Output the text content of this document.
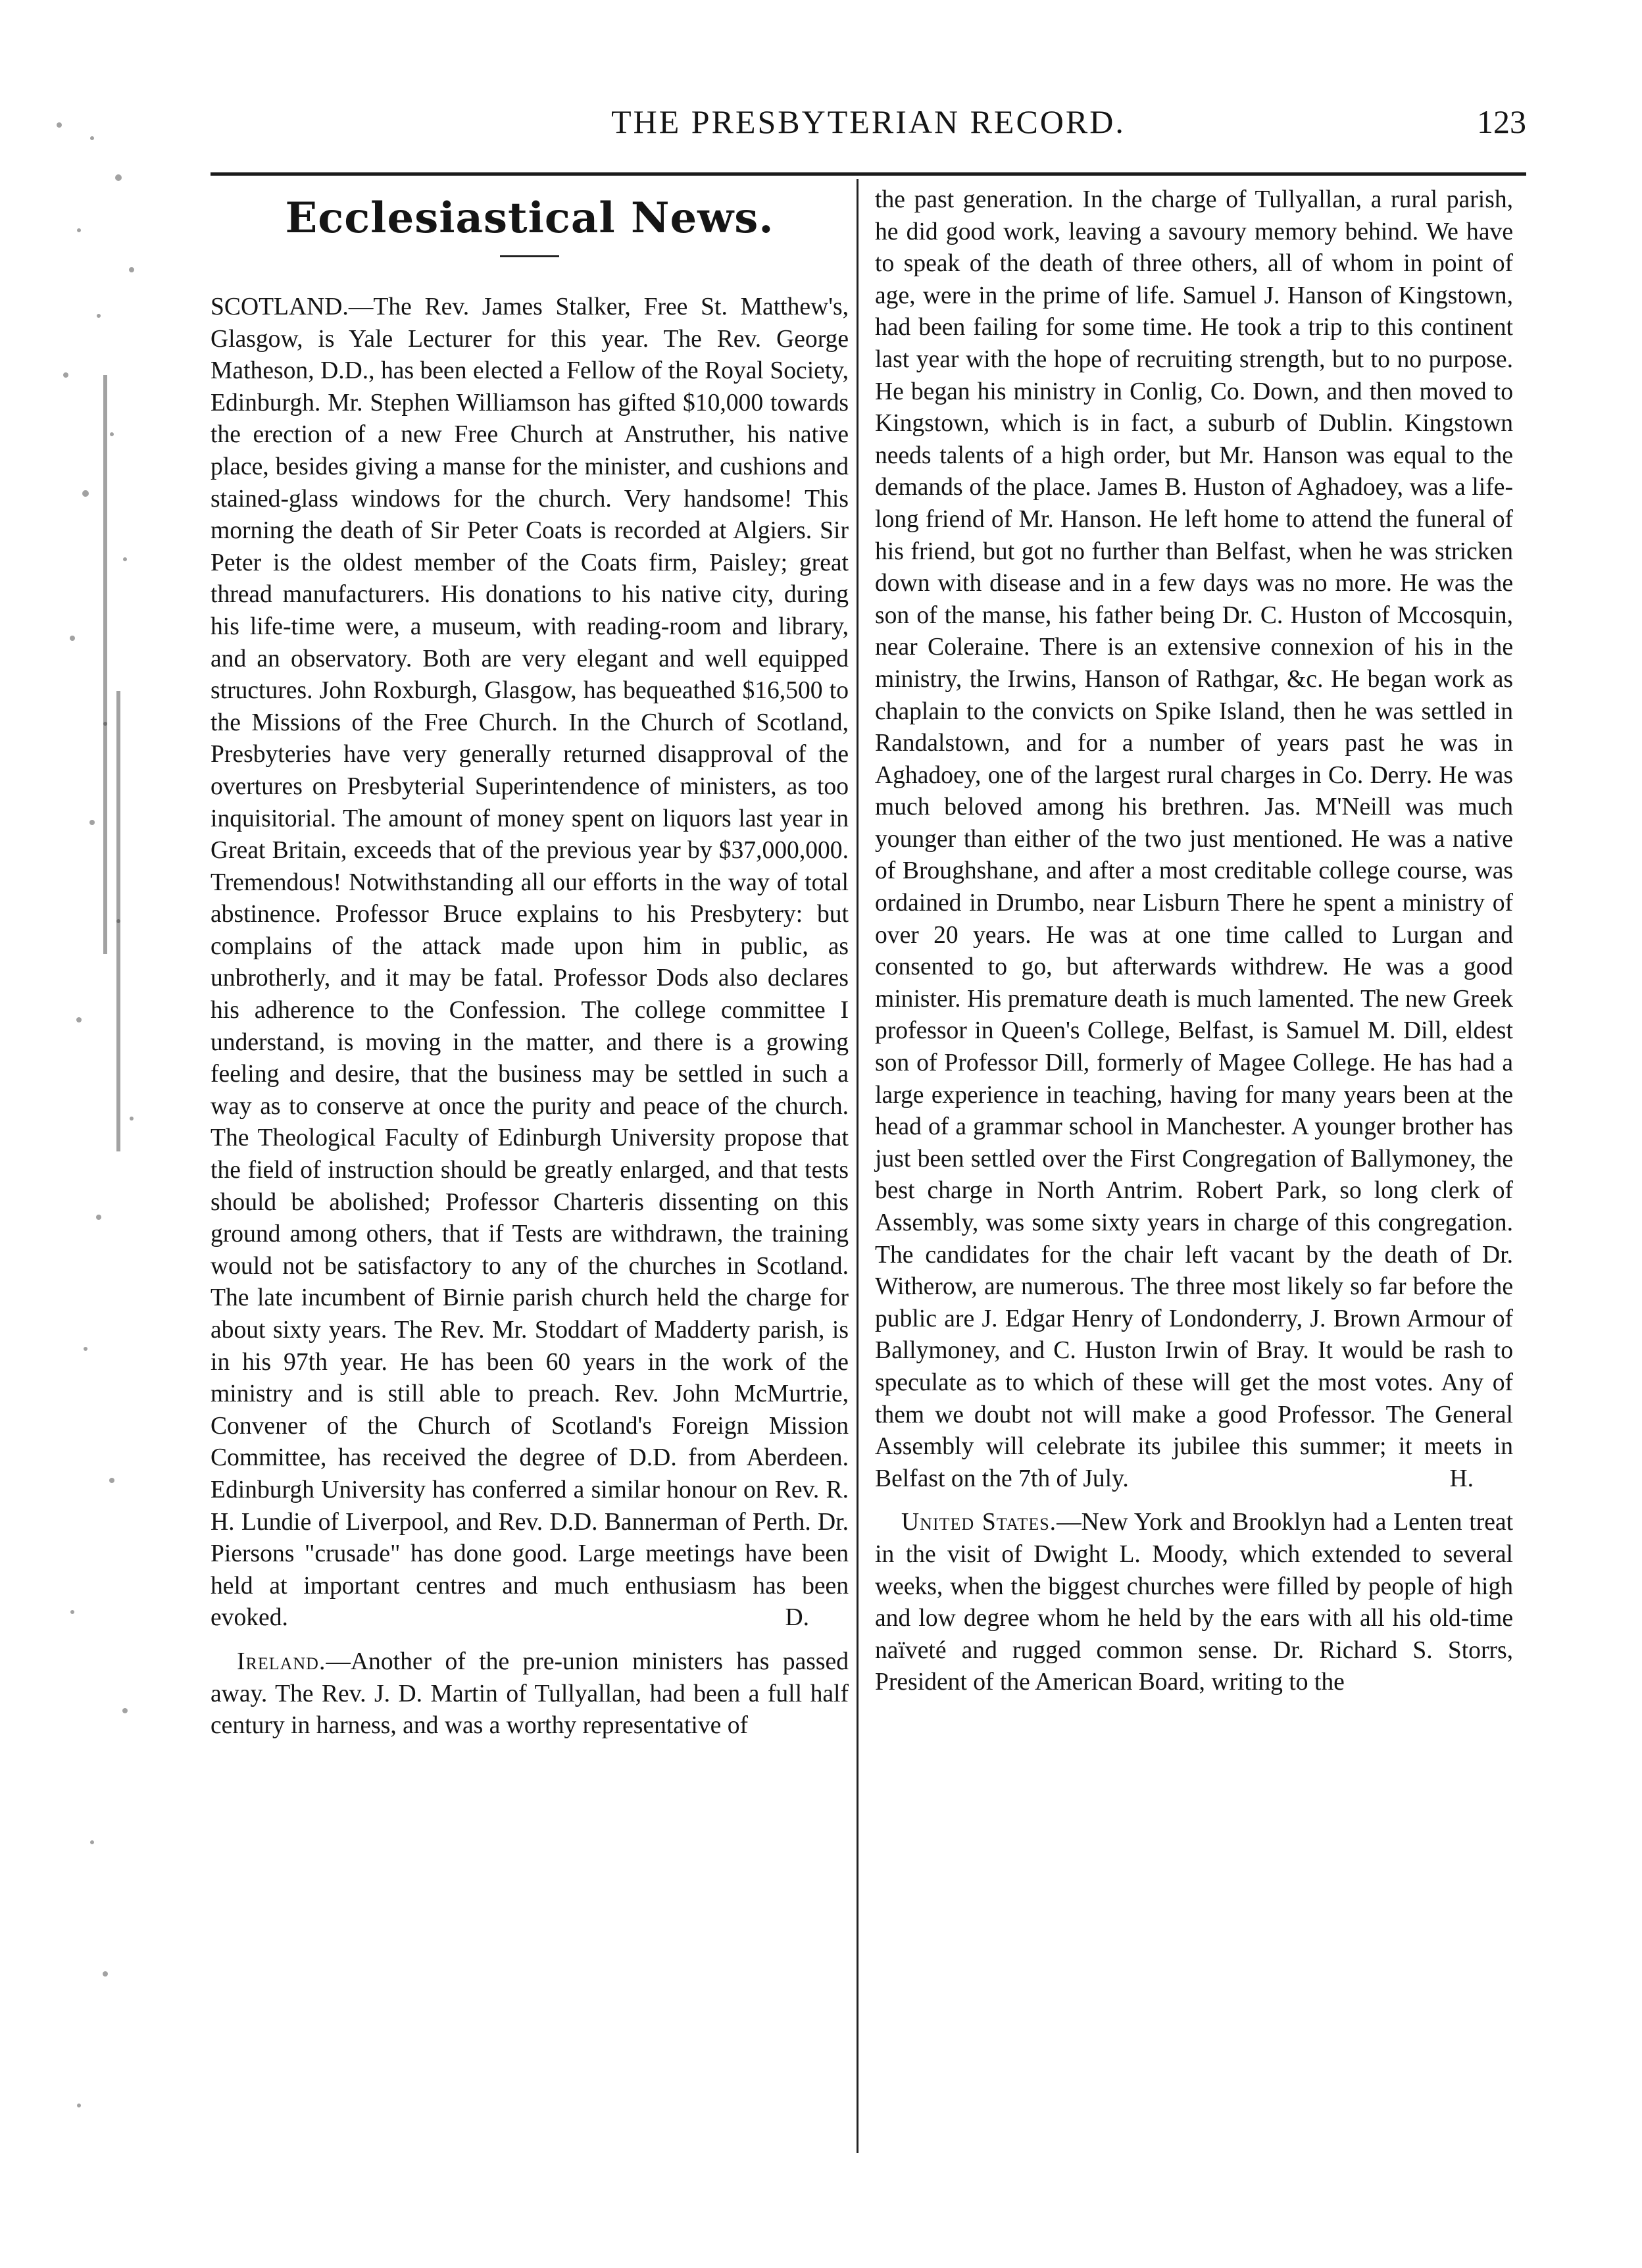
THE PRESBYTERIAN RECORD.	123
Ecclesiastical News.
SCOTLAND.—The Rev. James Stalker, Free St. Matthew's, Glasgow, is Yale Lecturer for this year. The Rev. George Matheson, D.D., has been elected a Fellow of the Royal Society, Edinburgh. Mr. Stephen Williamson has gifted $10,000 towards the erection of a new Free Church at Anstruther, his native place, besides giving a manse for the minister, and cushions and stained-glass windows for the church. Very handsome! This morning the death of Sir Peter Coats is recorded at Algiers. Sir Peter is the oldest member of the Coats firm, Paisley; great thread manufacturers. His donations to his native city, during his life-time were, a museum, with reading-room and library, and an observatory. Both are very elegant and well equipped structures. John Roxburgh, Glasgow, has bequeathed $16,500 to the Missions of the Free Church. In the Church of Scotland, Presbyteries have very generally returned disapproval of the overtures on Presbyterial Superintendence of ministers, as too inquisitorial. The amount of money spent on liquors last year in Great Britain, exceeds that of the previous year by $37,000,000. Tremendous! Notwithstanding all our efforts in the way of total abstinence. Professor Bruce explains to his Presbytery: but complains of the attack made upon him in public, as unbrotherly, and it may be fatal. Professor Dods also declares his adherence to the Confession. The college committee I understand, is moving in the matter, and there is a growing feeling and desire, that the business may be settled in such a way as to conserve at once the purity and peace of the church. The Theological Faculty of Edinburgh University propose that the field of instruction should be greatly enlarged, and that tests should be abolished; Professor Charteris dissenting on this ground among others, that if Tests are withdrawn, the training would not be satisfactory to any of the churches in Scotland. The late incumbent of Birnie parish church held the charge for about sixty years. The Rev. Mr. Stoddart of Madderty parish, is in his 97th year. He has been 60 years in the work of the ministry and is still able to preach. Rev. John McMurtrie, Convener of the Church of Scotland's Foreign Mission Committee, has received the degree of D.D. from Aberdeen. Edinburgh University has conferred a similar honour on Rev. R. H. Lundie of Liverpool, and Rev. D.D. Bannerman of Perth. Dr. Piersons "crusade" has done good. Large meetings have been held at important centres and much enthusiasm has been evoked.	D.
Ireland.—Another of the pre-union ministers has passed away. The Rev. J. D. Martin of Tullyallan, had been a full half century in harness, and was a worthy representative of
the past generation. In the charge of Tullyallan, a rural parish, he did good work, leaving a savoury memory behind. We have to speak of the death of three others, all of whom in point of age, were in the prime of life. Samuel J. Hanson of Kingstown, had been failing for some time. He took a trip to this continent last year with the hope of recruiting strength, but to no purpose. He began his ministry in Conlig, Co. Down, and then moved to Kingstown, which is in fact, a suburb of Dublin. Kingstown needs talents of a high order, but Mr. Hanson was equal to the demands of the place. James B. Huston of Aghadoey, was a life-long friend of Mr. Hanson. He left home to attend the funeral of his friend, but got no further than Belfast, when he was stricken down with disease and in a few days was no more. He was the son of the manse, his father being Dr. C. Huston of Mccosquin, near Coleraine. There is an extensive connexion of his in the ministry, the Irwins, Hanson of Rathgar, &c. He began work as chaplain to the convicts on Spike Island, then he was settled in Randalstown, and for a number of years past he was in Aghadoey, one of the largest rural charges in Co. Derry. He was much beloved among his brethren. Jas. M'Neill was much younger than either of the two just mentioned. He was a native of Broughshane, and after a most creditable college course, was ordained in Drumbo, near Lisburn There he spent a ministry of over 20 years. He was at one time called to Lurgan and consented to go, but afterwards withdrew. He was a good minister. His premature death is much lamented. The new Greek professor in Queen's College, Belfast, is Samuel M. Dill, eldest son of Professor Dill, formerly of Magee College. He has had a large experience in teaching, having for many years been at the head of a grammar school in Manchester. A younger brother has just been settled over the First Congregation of Ballymoney, the best charge in North Antrim. Robert Park, so long clerk of Assembly, was some sixty years in charge of this congregation. The candidates for the chair left vacant by the death of Dr. Witherow, are numerous. The three most likely so far before the public are J. Edgar Henry of Londonderry, J. Brown Armour of Ballymoney, and C. Huston Irwin of Bray. It would be rash to speculate as to which of these will get the most votes. Any of them we doubt not will make a good Professor. The General Assembly will celebrate its jubilee this summer; it meets in Belfast on the 7th of July.	H.
United States.—New York and Brooklyn had a Lenten treat in the visit of Dwight L. Moody, which extended to several weeks, when the biggest churches were filled by people of high and low degree whom he held by the ears with all his old-time naïveté and rugged common sense. Dr. Richard S. Storrs, President of the American Board, writing to the
